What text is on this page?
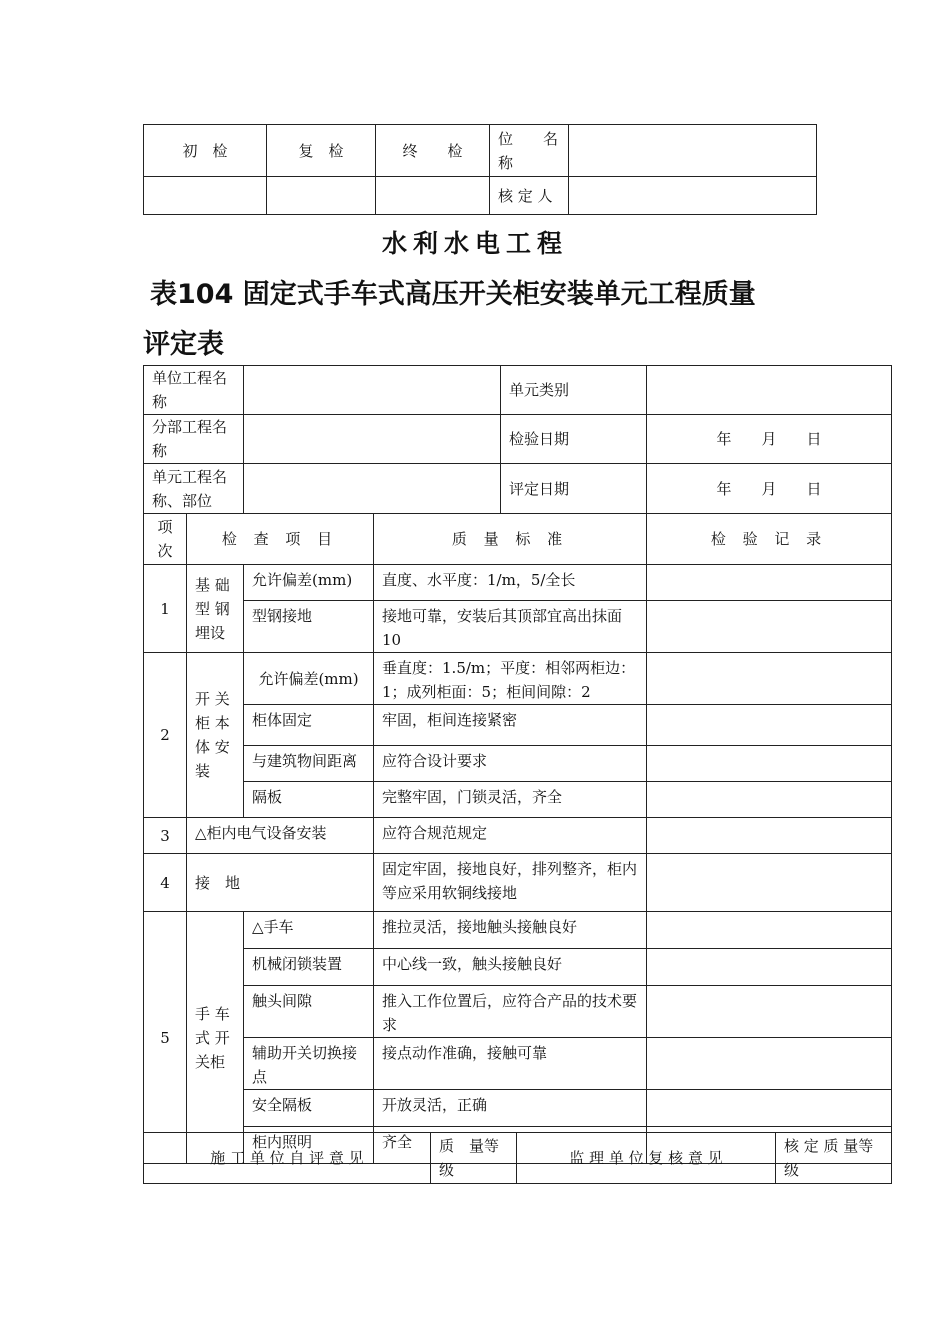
初　检	复　检	终　　检	位　　名称	
			核 定 人	
水利水电工程
表104 固定式手车式高压开关柜安装单元工程质量
评定表
单位工程名称				单元类别	
分部工程名称				检验日期	年　　月　　日
单元工程名称、部位				评定日期	年　　月　　日
项次	检 查 项 目		质 量 标 准		检 验 记 录
1	基 础 型 钢 埋设	允许偏差(mm)	直度、水平度：1/m，5/全长		
		型钢接地	接地可靠，安装后其顶部宜高出抹面10		
2	开 关 柜 本 体 安 装	允许偏差(mm)	垂直度：1.5/m；平度：相邻两柜边：1；成列柜面：5；柜间间隙：2		
		柜体固定	牢固，柜间连接紧密		
		与建筑物间距离	应符合设计要求		
		隔板	完整牢固，门锁灵活，齐全		
3	△柜内电气设备安装		应符合规范规定		
4	接　地		固定牢固，接地良好，排列整齐，柜内等应采用软铜线接地		
5	手 车 式 开 关柜	△手车	推拉灵活，接地触头接触良好		
		机械闭锁装置	中心线一致，触头接触良好		
		触头间隙	推入工作位置后，应符合产品的技术要求		
		辅助开关切换接点	接点动作准确，接触可靠		
		安全隔板	开放灵活，正确		
		柜内照明	齐全		
施 工 单 位 自 评 意 见	质　量等　级	监 理 单 位 复 核 意 见	核 定 质 量等　　级
